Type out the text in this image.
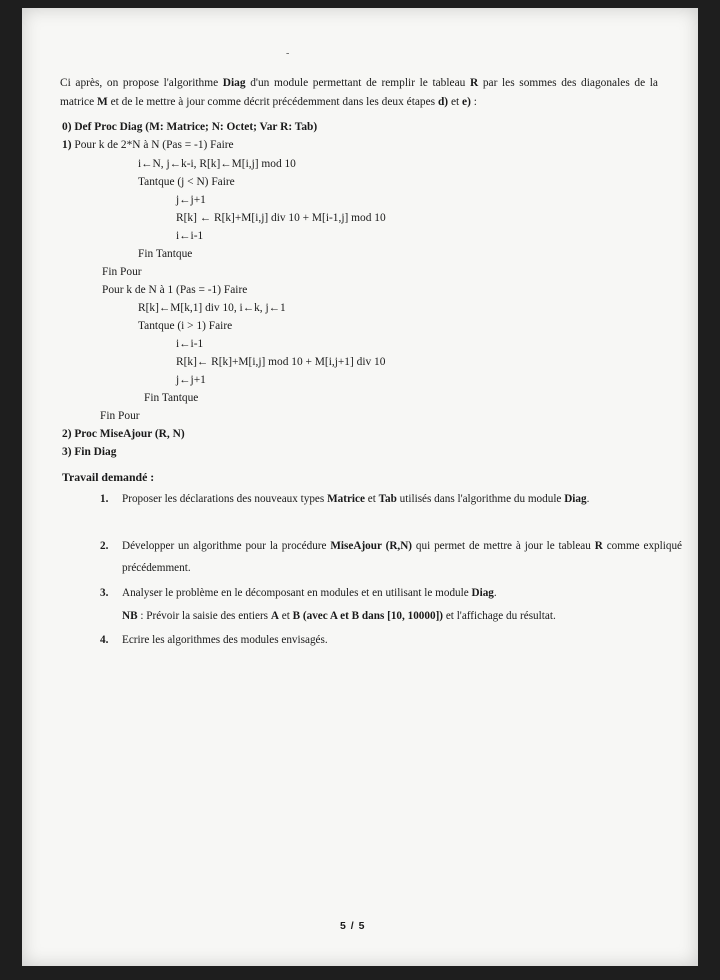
-
Ci après, on propose l'algorithme Diag d'un module permettant de remplir le tableau R par les sommes des diagonales de la matrice M et de le mettre à jour comme décrit précédemment dans les deux étapes d) et e) :
0) Def Proc Diag (M: Matrice; N: Octet; Var R: Tab)
1) Pour k de 2*N à N (Pas = -1) Faire
i←N, j←k-i, R[k]←M[i,j] mod 10
Tantque (j < N) Faire
j←j+1
R[k] ← R[k]+M[i,j] div 10 + M[i-1,j] mod 10
i←i-1
Fin Tantque
Fin Pour
Pour k de N à 1 (Pas = -1) Faire
R[k]←M[k,1] div 10, i←k, j←1
Tantque (i > 1) Faire
i←i-1
R[k]← R[k]+M[i,j] mod 10 + M[i,j+1] div 10
j←j+1
Fin Tantque
Fin Pour
2) Proc MiseAjour (R, N)
3) Fin Diag
Travail demandé :
1. Proposer les déclarations des nouveaux types Matrice et Tab utilisés dans l'algorithme du module Diag.
2. Développer un algorithme pour la procédure MiseAjour (R,N) qui permet de mettre à jour le tableau R comme expliqué précédemment.
3. Analyser le problème en le décomposant en modules et en utilisant le module Diag.
NB : Prévoir la saisie des entiers A et B (avec A et B dans [10, 10000]) et l'affichage du résultat.
4. Ecrire les algorithmes des modules envisagés.
5 / 5
